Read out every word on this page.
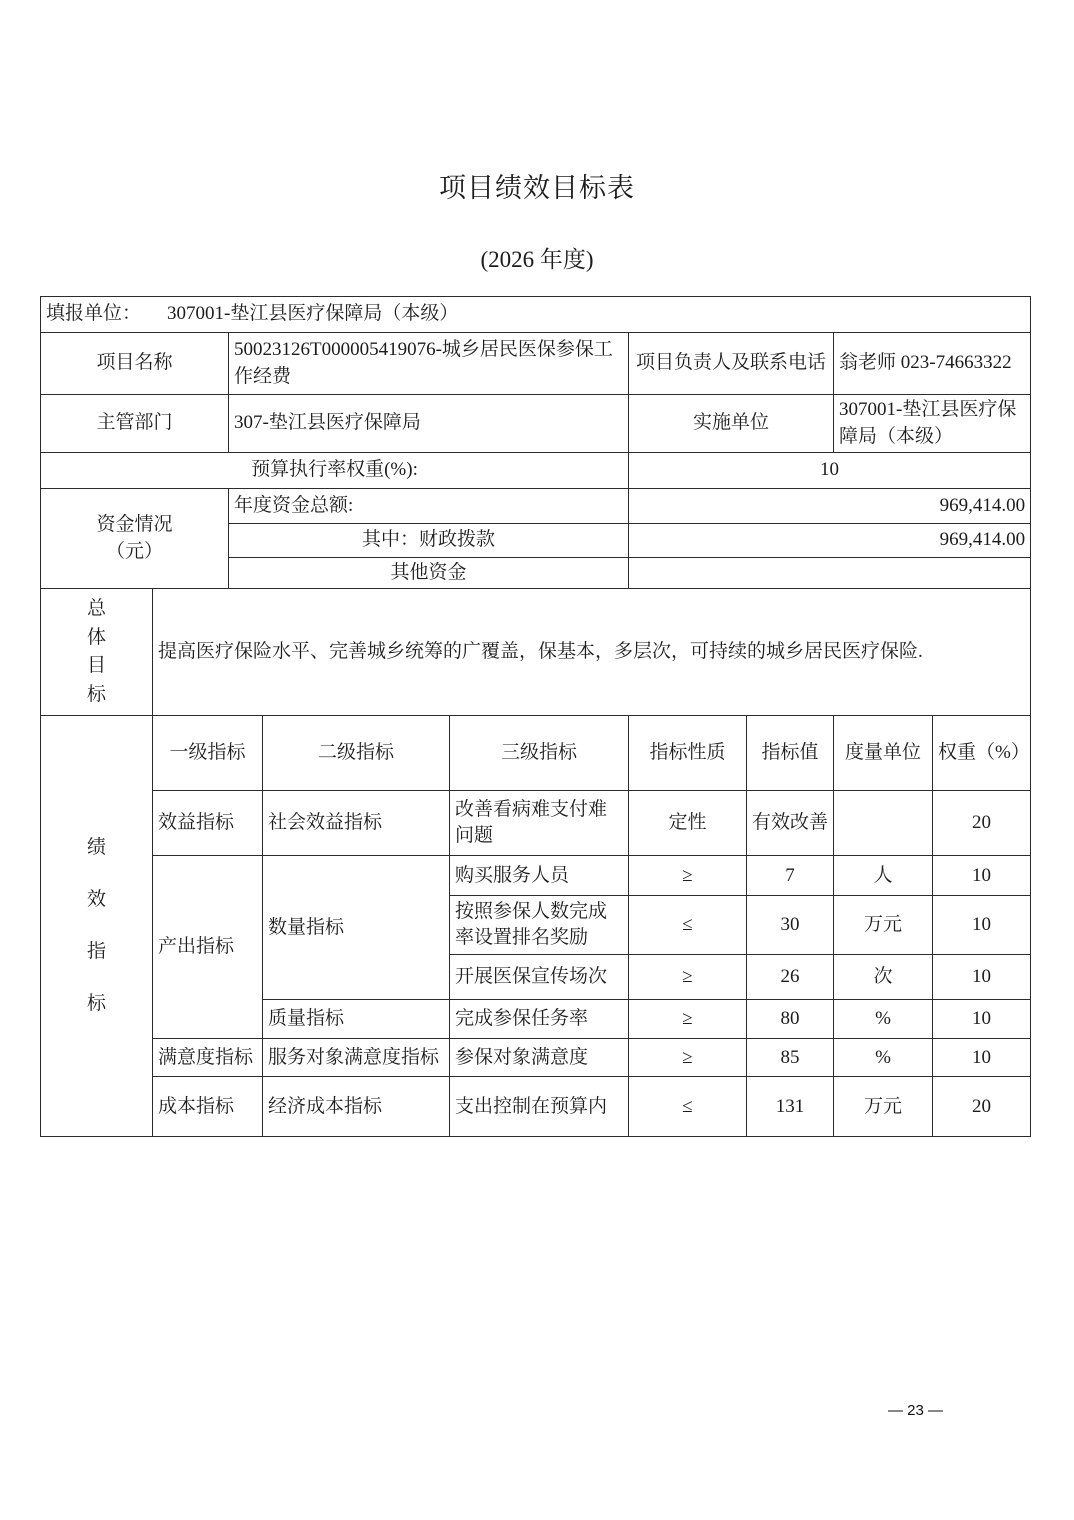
项目绩效目标表
(2026 年度)
填报单位： 307001-垫江县医疗保障局（本级）								
项目名称		50023126T000005419076-城乡居民医保参保工作经费			项目负责人及联系电话		翁老师 023-74663322	
主管部门		307-垫江县医疗保障局			实施单位		307001-垫江县医疗保障局（本级）	
预算执行率权重(%):					10			

资金情况
（元）		年度资金总额:			969,414.00			
		其中：财政拨款			969,414.00			
		其他资金						

总体目标	提高医疗保险水平、完善城乡统筹的广覆盖，保基本，多层次，可持续的城乡居民医疗保险.							

绩效指标	一级指标		二级指标	三级指标	指标性质	指标值	度量单位	权重（%）
	效益指标		社会效益指标	改善看病难支付难问题	定性	有效改善		20
	产出指标		数量指标	购买服务人员	≥	7	人	10
				按照参保人数完成率设置排名奖励	≤	30	万元	10
				开展医保宣传场次	≥	26	次	10
			质量指标	完成参保任务率	≥	80	%	10
	满意度指标		服务对象满意度指标	参保对象满意度	≥	85	%	10
	成本指标		经济成本指标	支出控制在预算内	≤	131	万元	20
— 23 —
